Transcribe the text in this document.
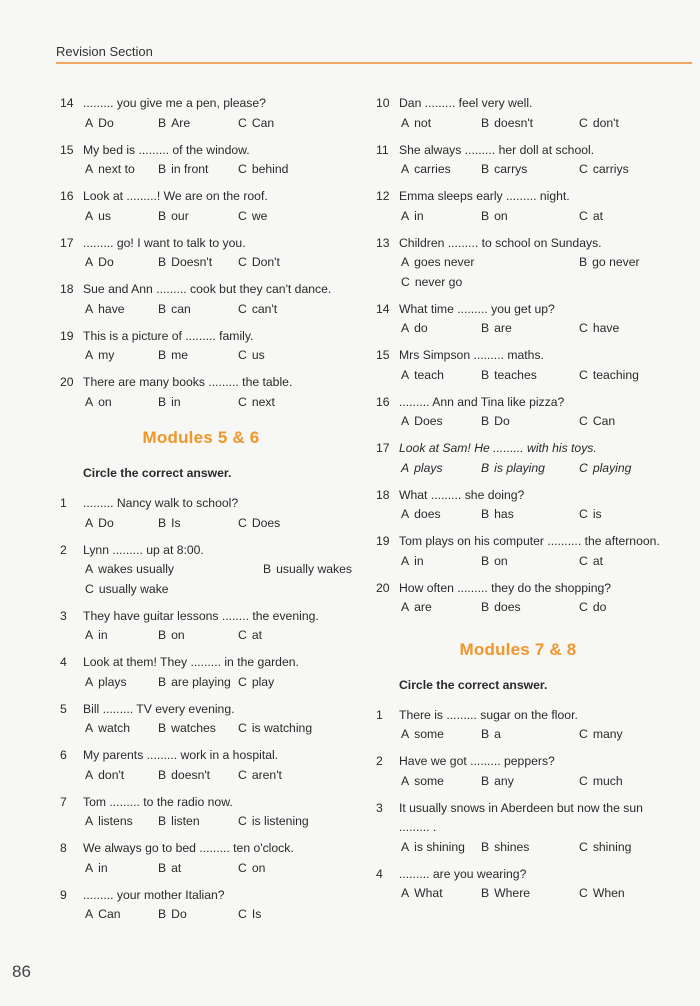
Revision Section
14 ......... you give me a pen, please?
A Do	B Are	C Can
15 My bed is ......... of the window.
A next to B in front C behind
16 Look at .........! We are on the roof.
A us	B our	C we
17 ......... go! I want to talk to you.
A Do	B Doesn't C Don't
18 Sue and Ann ......... cook but they can't dance.
A have	B can	C can't
19 This is a picture of ......... family.
A my	B me	C us
20 There are many books ......... the table.
A on	B in	C next
Modules 5 & 6
Circle the correct answer.
1 ......... Nancy walk to school?
A Do	B Is	C Does
2 Lynn ......... up at 8:00.
A wakes usually	B usually wakes
C usually wake
3 They have guitar lessons ........ the evening.
A in	B on	C at
4 Look at them! They ......... in the garden.
A plays	B are playing C play
5 Bill ......... TV every evening.
A watch B watches C is watching
6 My parents ......... work in a hospital.
A don't	B doesn't C aren't
7 Tom ......... to the radio now.
A listens B listen	C is listening
8 We always go to bed ......... ten o'clock.
A in	B at	C on
9 ......... your mother Italian?
A Can	B Do	C Is
10 Dan ......... feel very well.
A not	B doesn't	C don't
11 She always ......... her doll at school.
A carries B carrys	C carriys
12 Emma sleeps early ......... night.
A in	B on	C at
13 Children ......... to school on Sundays.
A goes never	B go never
C never go
14 What time ......... you get up?
A do	B are	C have
15 Mrs Simpson ......... maths.
A teach	B teaches	C teaching
16 ......... Ann and Tina like pizza?
A Does	B Do	C Can
17 Look at Sam! He ......... with his toys.
A plays	B is playing	C playing
18 What ......... she doing?
A does	B has	C is
19 Tom plays on his computer .......... the afternoon.
A in	B on	C at
20 How often ......... they do the shopping?
A are	B does	C do
Modules 7 & 8
Circle the correct answer.
1 There is ......... sugar on the floor.
A some	B a	C many
2 Have we got ......... peppers?
A some	B any	C much
3 It usually snows in Aberdeen but now the sun ......... .
A is shining B shines	C shining
4 ......... are you wearing?
A What	B Where	C When
86
